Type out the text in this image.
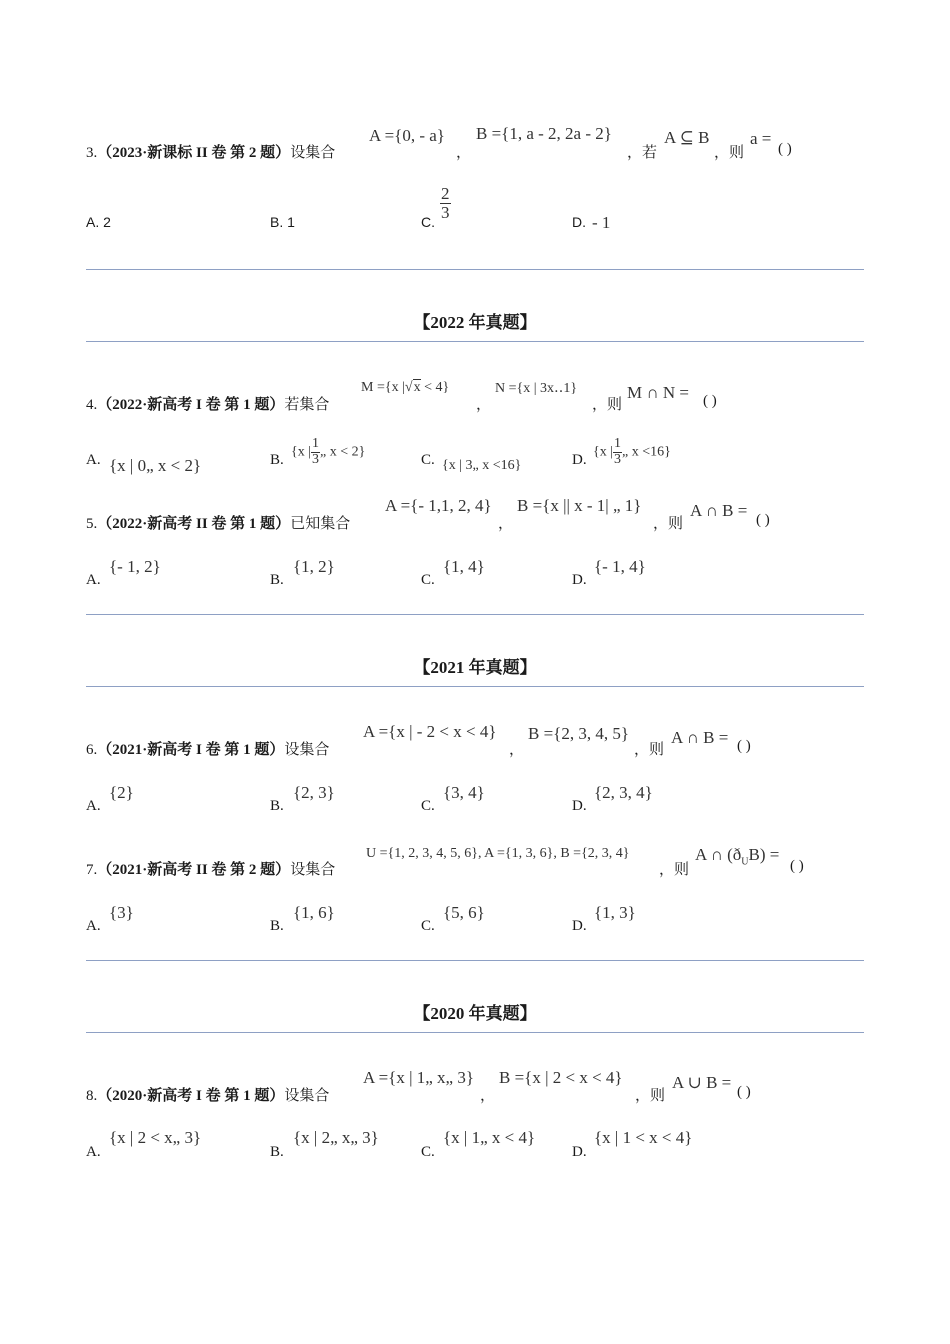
3.（2023·新课标 II 卷 第 2 题）设集合
A ={0, - a}
，
B ={1, a - 2, 2a - 2}
，若
A ⊆ B
，则
a =
( )
A. 2	B. 1	C.
$\frac{2}{3}$
D. - 1
【2022 年真题】
4.（2022·新高考 I 卷 第 1 题）若集合
M ={x |√x < 4}
，
N ={x | 3x‥1}
，则
M ∩ N = ( )
A. {x | 0„ x < 2}	B.
{x | $\frac{1}{3}$ „ x < 2}
C. {x | 3„ x <16}	D.
{x | $\frac{1}{3}$ „ x <16}
5.（2022·新高考 II 卷 第 1 题）已知集合
A ={- 1,1, 2, 4}
，
B ={x || x - 1| „ 1}
，则
A ∩ B = ( )
A.
{- 1, 2}
B.
{1, 2}
C.
{1, 4}
D.
{- 1, 4}
【2021 年真题】
6.（2021·新高考 I 卷 第 1 题）设集合
A ={x | - 2 < x < 4}
，
B ={2, 3, 4, 5}
，则
A ∩ B = ( )
A.
{2}
B.
{2, 3}
C.
{3, 4}
D.
{2, 3, 4}
7.（2021·新高考 II 卷 第 2 题）设集合
U ={1, 2, 3, 4, 5, 6}, A ={1, 3, 6}, B ={2, 3, 4}
，则
A ∩ $(ð_UB)$ =
( )
A.
{3}
B.
{1, 6}
C.
{5, 6}
D.
{1, 3}
【2020 年真题】
8.（2020·新高考 I 卷 第 1 题）设集合
A ={x | 1„ x„ 3}
，
B ={x | 2 < x < 4}
，则
A ∪ B = ( )
A.
{x | 2 < x„ 3}
B.
{x | 2„ x„ 3}
C.
{x | 1„ x < 4}
D.
{x | 1 < x < 4}
